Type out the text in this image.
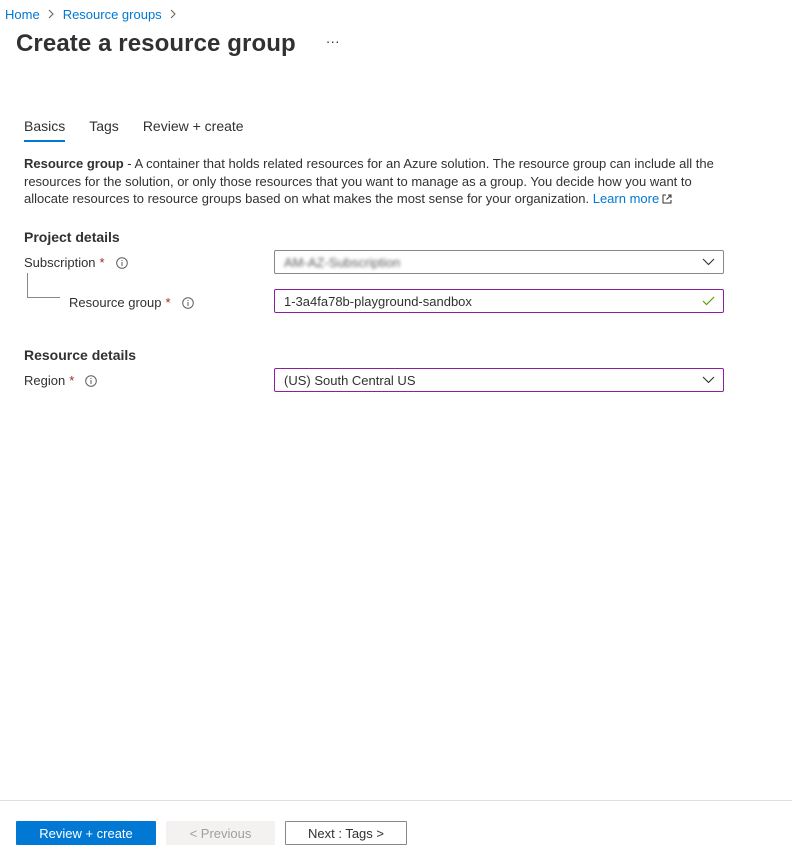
Home Resource groups
Create a resource group ···
Basics Tags Review + create
Resource group - A container that holds related resources for an Azure solution. The resource group can include all the resources for the solution, or only those resources that you want to manage as a group. You decide how you want to allocate resources to resource groups based on what makes the most sense for your organization. Learn more
Project details
Subscription *	AM-AZ-Subscription
Resource group *	1-3a4fa78b-playground-sandbox
Resource details
Region *	(US) South Central US
Review + create	< Previous	Next : Tags >
